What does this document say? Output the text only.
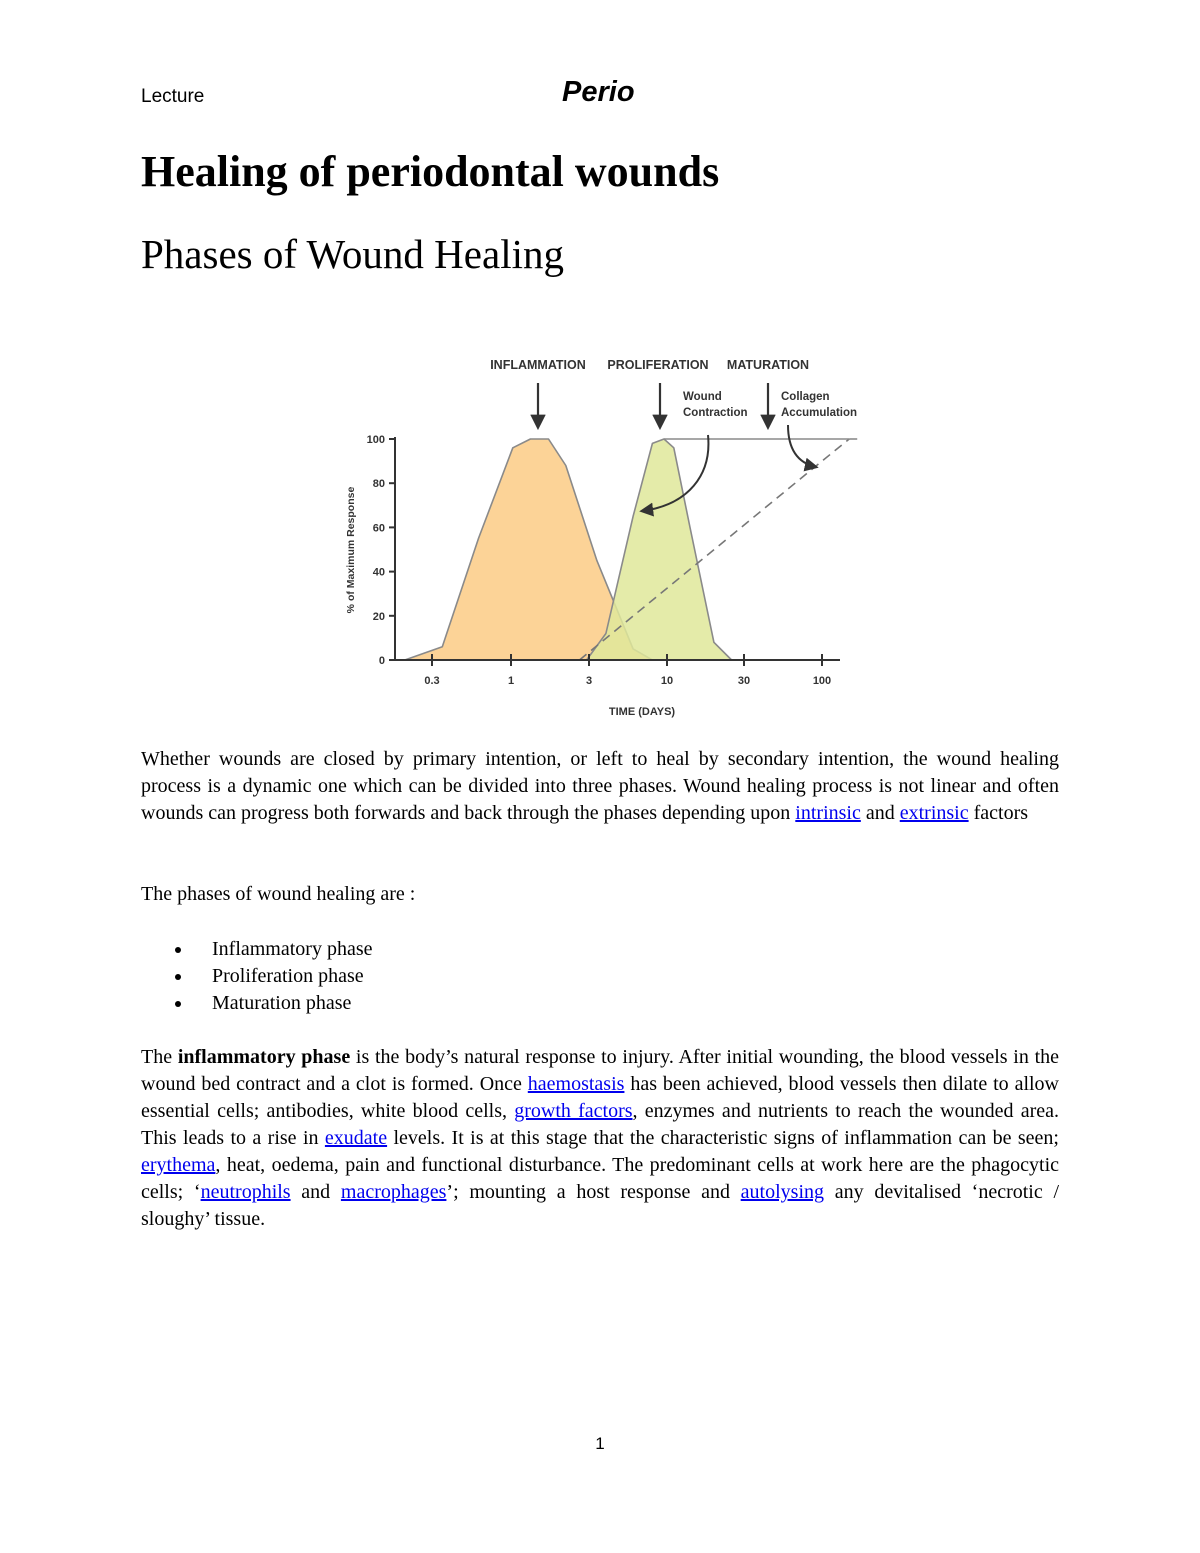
Lecture	Perio
Healing of periodontal wounds
Phases of Wound Healing
0
20
40
60
80
100
0.3	1	3	10	30	100
TIME (DAYS)
% of Maximum Response
INFLAMMATION PROLIFERATION MATURATION
Wound
Contraction
Collagen
Accumulation

Whether wounds are closed by primary intention, or left to heal by secondary intention, the wound healing process is a dynamic one which can be divided into three phases. Wound healing process is not linear and often wounds can progress both forwards and back through the phases depending upon intrinsic and extrinsic factors

The phases of wound healing are :

Inflammatory phase
Proliferation phase
Maturation phase

The inflammatory phase is the body’s natural response to injury. After initial wounding, the blood vessels in the wound bed contract and a clot is formed. Once haemostasis has been achieved, blood vessels then dilate to allow essential cells; antibodies, white blood cells, growth factors, enzymes and nutrients to reach the wounded area. This leads to a rise in exudate levels. It is at this stage that the characteristic signs of inflammation can be seen; erythema, heat, oedema, pain and functional disturbance. The predominant cells at work here are the phagocytic cells; ‘neutrophils and macrophages’; mounting a host response and autolysing any devitalised ‘necrotic / sloughy’ tissue.

1
